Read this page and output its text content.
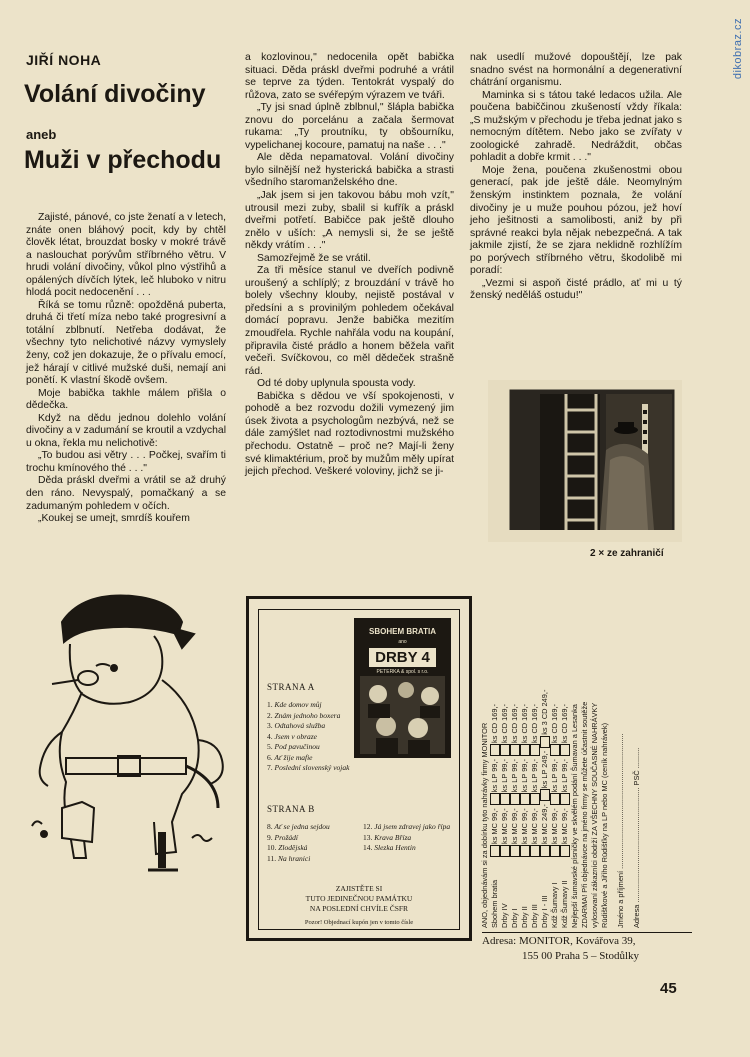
dikobraz.cz
JIŘÍ NOHA
Volání divočiny
aneb
Muži v přechodu

Zajisté, pánové, co jste ženatí a v letech, znáte onen bláhový pocit, kdy by chtěl člověk létat, brouzdat bosky v mokré trávě a naslouchat porývům stříbrného větru. V hrudi volání divočiny, vůkol plno výstřihů a opálených dívčích lýtek, leč hluboko v nitru hlodá pocit nedocenění . . .

Říká se tomu různě: opožděná puberta, druhá či třetí míza nebo také progresivní a totální zblbnutí. Netřeba dodávat, že všechny tyto nelichotivé názvy vymyslely ženy, což jen dokazuje, že o přívalu emocí, jež hárají v citlivé mužské duši, nemají ani ponětí. K vlastní škodě ovšem.

Moje babička takhle málem přišla o dědečka.

Když na dědu jednou dolehlo volání divočiny a v zadumání se kroutil a vzdychal u okna, řekla mu nelichotivě:

„To budou asi větry . . . Počkej, svařím ti trochu kmínového thé . . ."

Děda práskl dveřmi a vrátil se až druhý den ráno. Nevyspalý, pomačkaný a se zadumaným pohledem v očích.

„Koukej se umejt, smrdíš kouřem

a kozlovinou," nedocenila opět babička situaci. Děda práskl dveřmi podruhé a vrátil se teprve za týden. Tentokrát vyspalý do růžova, zato se svéřepým výrazem ve tváři.

„Ty jsi snad úplně zblbnul," šlápla babička znovu do porcelánu a začala šermovat rukama: „Ty proutníku, ty obšourníku, vypelichanej kocoure, pamatuj na naše . . ."

Ale děda nepamatoval. Volání divočiny bylo silnější než hysterická babička a strasti všedního staromanželského dne.

„Jak jsem si jen takovou bábu moh vzít," utrousil mezi zuby, sbalil si kufřík a práskl dveřmi potřetí. Babičce pak ještě dlouho znělo v uších: „A nemysli si, že se ještě někdy vrátím . . ."

Samozřejmě že se vrátil.

Za tři měsíce stanul ve dveřích podivně uroušený a schlíplý; z brouzdání v trávě ho bolely všechny klouby, nejistě postával v předsíni a s provinilým pohledem očekával domácí popravu. Jenže babička mezitím zmoudřela. Rychle nahřála vodu na koupání, připravila čisté prádlo a honem běžela vařit večeři. Svíčkovou, co měl dědeček strašně rád.

Od té doby uplynula spousta vody.

Babička s dědou ve vší spokojenosti, v pohodě a bez rozvodu dožili vymezený jim úsek života a psychologům nezbývá, než se dále zamýšlet nad roztodivnostmi mužského přechodu. Ostatně – proč ne? Mají-li ženy své klimaktérium, proč by mužům měly upírat jejich přechod. Veškeré voloviny, jichž se ji-

nak usedlí mužové dopouštějí, lze pak snadno svést na hormonální a degenerativní chátrání organismu.

Maminka si s tátou také ledacos užila. Ale poučena babiččinou zkušeností vždy říkala: „S mužským v přechodu je třeba jednat jako s nemocným dítětem. Nebo jako se zvířaty v zoologické zahradě. Nedráždit, občas pohladit a dobře krmit . . ."

Moje žena, poučena zkušenostmi obou generací, pak jde ještě dále. Neomylným ženským instinktem poznala, že volání divočiny je u muže pouhou pózou, jež hoví jeho ješitnosti a samolibosti, aniž by při správné reakci byla nějak nebezpečná. A tak jakmile zjistí, že se zjara neklidně rozhlížím po porývech stříbrného větru, škodolibě mi poradí:

„Vezmi si aspoň čisté prádlo, ať mi u tý ženský neděláš ostudu!"

2 × ze zahraničí
SBOHEM BRATIA
ano
DRBY 4
PETERKA & spol. s r.o.
STRANA A
1. Kde domov můj
2. Znám jednoho boxera
3. Odtahová služba
4. Jsem v obraze
5. Pod pavučinou
6. Ať žije mafie
7. Poslední slovenský vojak
STRANA B
8. Ať se jedna sejdou
9. Prožádí
10. Zlodějská
11. Na hranici
12. Já jsem zdravej jako řípa
13. Krava Bříza
14. Slezka Hentin
ZAJISTĚTE SI
TUTO JEDINEČNOU PAMÁTKU
NA POSLEDNÍ CHVÍLE ČSFR
Pozor! Objednací kupón jen v tomto čísle	ANO, objednávám si za dobírku tyto nahrávky firmy MONITOR Sbohem bratiaks MC 99,- ks LP 99,- ks CD 169,-
Drby IVks MC 99,- ks LP 99,- ks CD 169,-
Drby Iks MC 99,- ks LP 99,- ks CD 169,-
Drby IIks MC 99,- ks LP 99,- ks CD 169,-
Drby IIIks MC 99,- ks LP 99,- ks CD 169,-
Drby I - IIIks MC 249,- ks LP 249,- ks 3 CD 249,-
Kdž Šumavy Iks MC 99,- ks LP 99,- ks CD 169,-
Kdž Šumavy IIks MC 99,- ks LP 99,- ks CD 169,- Nejlepší šumavské písničky ve skvělém podání Šumavan a Lesanka ZDARMA! Při objednávce na jméno firmy se můžete účastnit soutěže vylosovaní zákazníci obdrží ZA VŠECHNY SOUČASNÉ NAHRÁVKY Rūdišťkové a Jiřího Rūdišťky na LP nebo MC (ceník nahrávek) Jméno a příjmení ..................................................................
Adresa ........................................................ PSČ ..........
Adresa: MONITOR, Kovářova 39,
155 00 Praha 5 – Stodůlky
45
